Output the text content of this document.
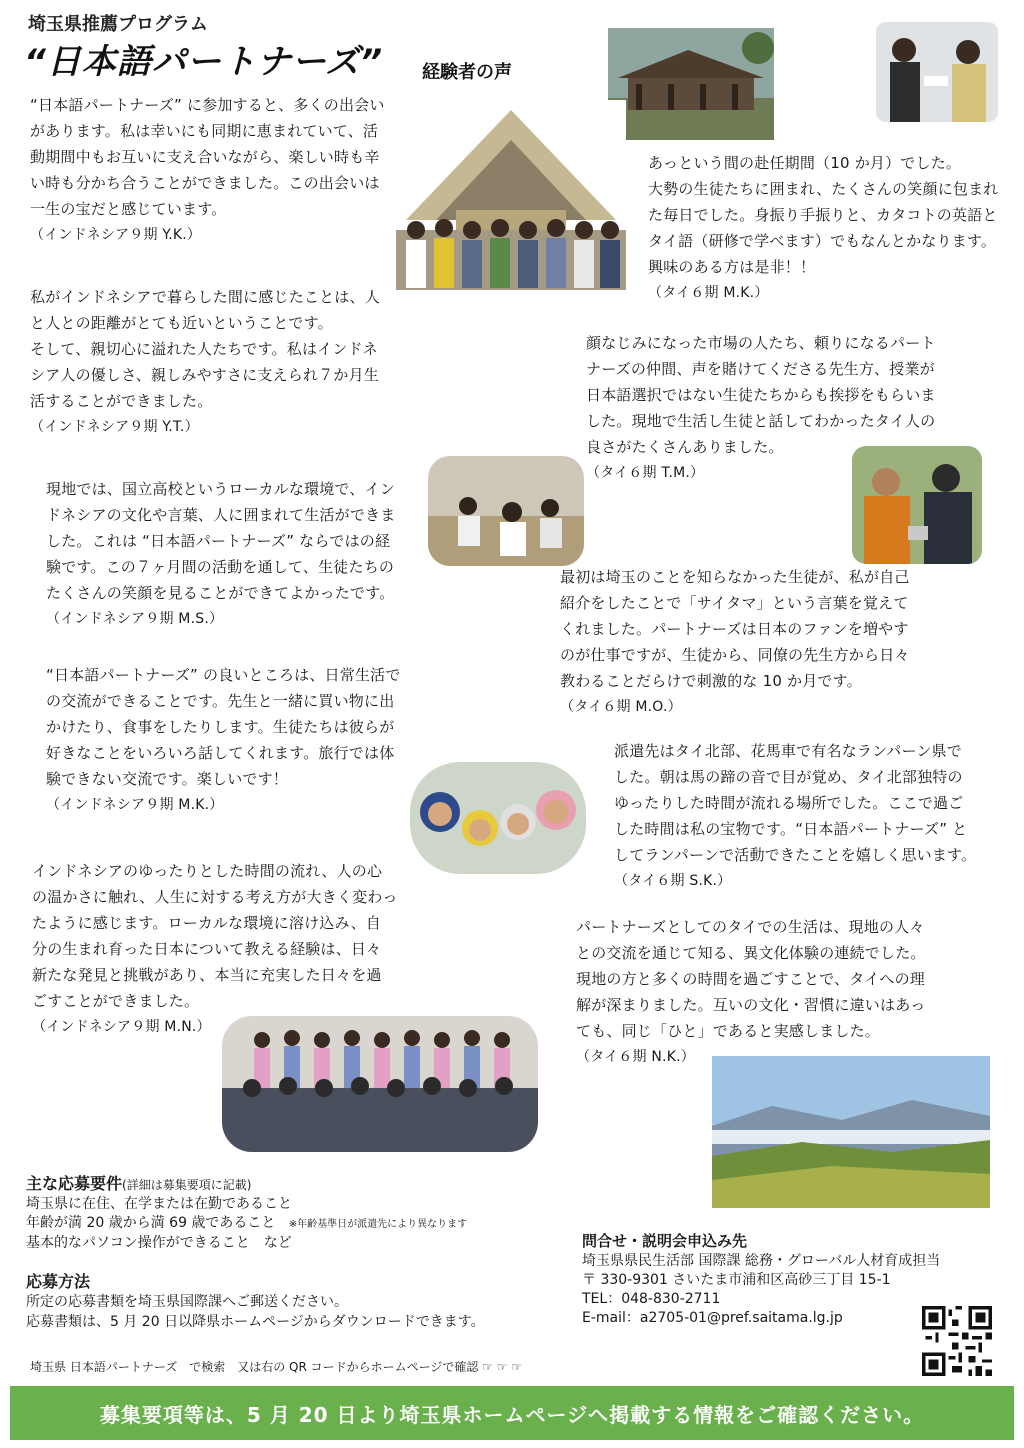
埼玉県推薦プログラム
“日本語パートナーズ” 経験者の声

“日本語パートナーズ” に参加すると、多くの出会い

があります。私は幸いにも同期に恵まれていて、活

動期間中もお互いに支え合いながら、楽しい時も辛

い時も分かち合うことができました。この出会いは

一生の宝だと感じています。

（インドネシア９期 Y.K.）

私がインドネシアで暮らした間に感じたことは、人

と人との距離がとても近いということです。

そして、親切心に溢れた人たちです。私はインドネ

シア人の優しさ、親しみやすさに支えられ７か月生

活することができました。

（インドネシア９期 Y.T.）

現地では、国立高校というローカルな環境で、イン

ドネシアの文化や言葉、人に囲まれて生活ができま

した。これは “日本語パートナーズ” ならではの経

験です。この７ヶ月間の活動を通して、生徒たちの

たくさんの笑顔を見ることができてよかったです。

（インドネシア９期 M.S.）

“日本語パートナーズ” の良いところは、日常生活で

の交流ができることです。先生と一緒に買い物に出

かけたり、食事をしたりします。生徒たちは彼らが

好きなことをいろいろ話してくれます。旅行では体

験できない交流です。楽しいです！

（インドネシア９期 M.K.）

インドネシアのゆったりとした時間の流れ、人の心

の温かさに触れ、人生に対する考え方が大きく変わっ

たように感じます。ローカルな環境に溶け込み、自

分の生まれ育った日本について教える経験は、日々

新たな発見と挑戦があり、本当に充実した日々を過

ごすことができました。

（インドネシア９期 M.N.）

あっという間の赴任期間（10 か月）でした。

大勢の生徒たちに囲まれ、たくさんの笑顔に包まれ

た毎日でした。身振り手振りと、カタコトの英語と

タイ語（研修で学べます）でもなんとかなります。

興味のある方は是非！！

（タイ６期 M.K.）

顔なじみになった市場の人たち、頼りになるパート

ナーズの仲間、声を賭けてくださる先生方、授業が

日本語選択ではない生徒たちからも挨拶をもらいま

した。現地で生活し生徒と話してわかったタイ人の

良さがたくさんありました。

（タイ６期 T.M.）

最初は埼玉のことを知らなかった生徒が、私が自己

紹介をしたことで「サイタマ」という言葉を覚えて

くれました。パートナーズは日本のファンを増やす

のが仕事ですが、生徒から、同僚の先生方から日々

教わることだらけで刺激的な 10 か月です。

（タイ６期 M.O.）

派遣先はタイ北部、花馬車で有名なランパーン県で

した。朝は馬の蹄の音で目が覚め、タイ北部独特の

ゆったりした時間が流れる場所でした。ここで過ご

した時間は私の宝物です。“日本語パートナーズ” と

してランパーンで活動できたことを嬉しく思います。

（タイ６期 S.K.）

パートナーズとしてのタイでの生活は、現地の人々

との交流を通じて知る、異文化体験の連続でした。

現地の方と多くの時間を過ごすことで、タイへの理

解が深まりました。互いの文化・習慣に違いはあっ

ても、同じ「ひと」であると実感しました。

（タイ６期 N.K.）

主な応募要件(詳細は募集要項に記載)
埼玉県に在住、在学または在勤であること
年齢が満 20 歳から満 69 歳であること ※年齢基準日が派遣先により異なります
基本的なパソコン操作ができること　など
応募方法
所定の応募書類を埼玉県国際課へご郵送ください。
応募書類は、5 月 20 日以降県ホームページからダウンロードできます。
埼玉県 日本語パートナーズ　で検索　又は右の QR コードからホームページで確認 ☞ ☞ ☞
問合せ・説明会申込み先
埼玉県県民生活部 国際課 総務・グローバル人材育成担当
〒 330-9301 さいたま市浦和区高砂三丁目 15-1
TEL：048-830-2711
E-mail：a2705-01@pref.saitama.lg.jp
募集要項等は、5 月 20 日より埼玉県ホームページへ掲載する情報をご確認ください。
